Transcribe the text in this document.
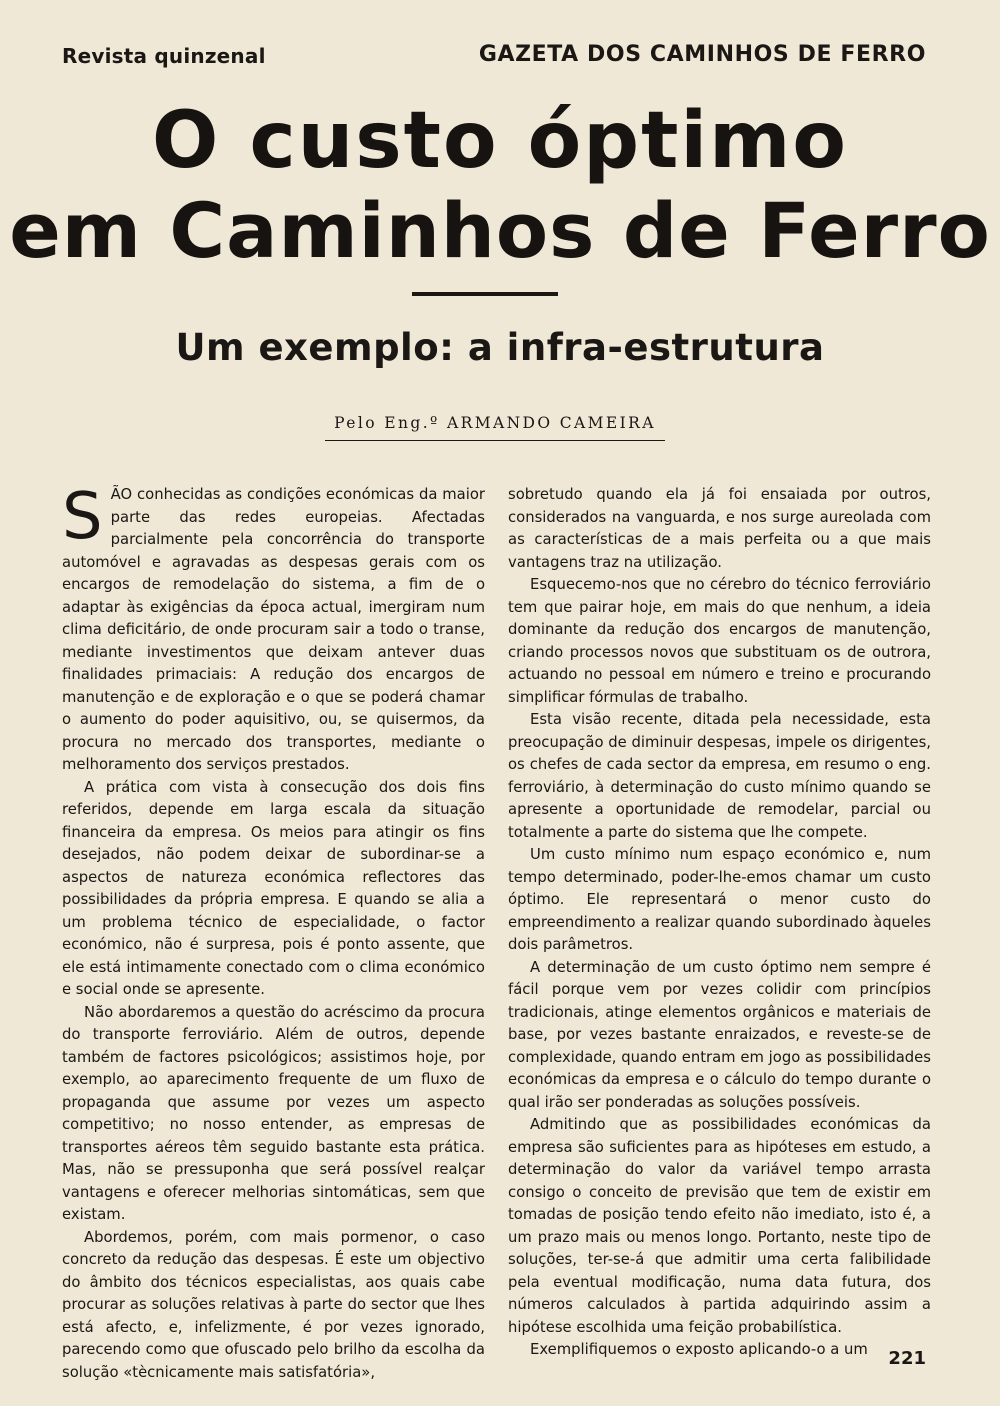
Revista quinzenal	GAZETA DOS CAMINHOS DE FERRO
O custo óptimo
em Caminhos de Ferro
Um exemplo: a infra-estrutura
Pelo Eng.º ARMANDO CAMEIRA

SÃO conhecidas as condições económicas da maior parte das redes europeias. Afectadas parcialmente pela concorrência do transporte automóvel e agravadas as despesas gerais com os encargos de remodelação do sistema, a fim de o adaptar às exigências da época actual, imergiram num clima deficitário, de onde procuram sair a todo o transe, mediante investimentos que deixam antever duas finalidades primaciais: A redução dos encargos de manutenção e de exploração e o que se poderá chamar o aumento do poder aquisitivo, ou, se quisermos, da procura no mercado dos transportes, mediante o melhoramento dos serviços prestados.

A prática com vista à consecução dos dois fins referidos, depende em larga escala da situação financeira da empresa. Os meios para atingir os fins desejados, não podem deixar de subordinar-se a aspectos de natureza económica reflectores das possibilidades da própria empresa. E quando se alia a um problema técnico de especialidade, o factor económico, não é surpresa, pois é ponto assente, que ele está intimamente conectado com o clima económico e social onde se apresente.

Não abordaremos a questão do acréscimo da procura do transporte ferroviário. Além de outros, depende também de factores psicológicos; assistimos hoje, por exemplo, ao aparecimento frequente de um fluxo de propaganda que assume por vezes um aspecto competitivo; no nosso entender, as empresas de transportes aéreos têm seguido bastante esta prática. Mas, não se pressuponha que será possível realçar vantagens e oferecer melhorias sintomáticas, sem que existam.

Abordemos, porém, com mais pormenor, o caso concreto da redução das despesas. É este um objectivo do âmbito dos técnicos especialistas, aos quais cabe procurar as soluções relativas à parte do sector que lhes está afecto, e, infelizmente, é por vezes ignorado, parecendo como que ofuscado pelo brilho da escolha da solução «tècnicamente mais satisfatória»,

sobretudo quando ela já foi ensaiada por outros, considerados na vanguarda, e nos surge aureolada com as características de a mais perfeita ou a que mais vantagens traz na utilização.

Esquecemo-nos que no cérebro do técnico ferroviário tem que pairar hoje, em mais do que nenhum, a ideia dominante da redução dos encargos de manutenção, criando processos novos que substituam os de outrora, actuando no pessoal em número e treino e procurando simplificar fórmulas de trabalho.

Esta visão recente, ditada pela necessidade, esta preocupação de diminuir despesas, impele os dirigentes, os chefes de cada sector da empresa, em resumo o eng. ferroviário, à determinação do custo mínimo quando se apresente a oportunidade de remodelar, parcial ou totalmente a parte do sistema que lhe compete.

Um custo mínimo num espaço económico e, num tempo determinado, poder-lhe-emos chamar um custo óptimo. Ele representará o menor custo do empreendimento a realizar quando subordinado àqueles dois parâmetros.

A determinação de um custo óptimo nem sempre é fácil porque vem por vezes colidir com princípios tradicionais, atinge elementos orgânicos e materiais de base, por vezes bastante enraizados, e reveste-se de complexidade, quando entram em jogo as possibilidades económicas da empresa e o cálculo do tempo durante o qual irão ser ponderadas as soluções possíveis.

Admitindo que as possibilidades económicas da empresa são suficientes para as hipóteses em estudo, a determinação do valor da variável tempo arrasta consigo o conceito de previsão que tem de existir em tomadas de posição tendo efeito não imediato, isto é, a um prazo mais ou menos longo. Portanto, neste tipo de soluções, ter-se-á que admitir uma certa falibilidade pela eventual modificação, numa data futura, dos números calculados à partida adquirindo assim a hipótese escolhida uma feição probabilística.

Exemplifiquemos o exposto aplicando-o a um	221
